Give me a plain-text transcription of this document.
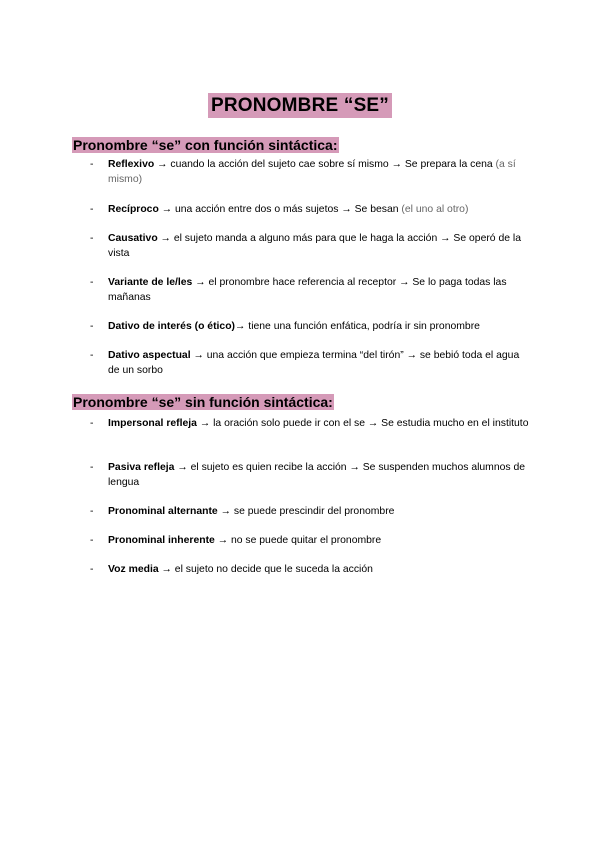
PRONOMBRE “SE”
Pronombre “se” con función sintáctica:
- Reflexivo → cuando la acción del sujeto cae sobre sí mismo → Se prepara la cena (a sí mismo)
- Recíproco → una acción entre dos o más sujetos → Se besan (el uno al otro)
- Causativo → el sujeto manda a alguno más para que le haga la acción → Se operó de la vista
- Variante de le/les → el pronombre hace referencia al receptor → Se lo paga todas las mañanas
- Dativo de interés (o ético)→ tiene una función enfática, podría ir sin pronombre
- Dativo aspectual → una acción que empieza termina “del tirón” → se bebió toda el agua de un sorbo
Pronombre “se” sin función sintáctica:
- Impersonal refleja → la oración solo puede ir con el se → Se estudia mucho en el instituto
- Pasiva refleja → el sujeto es quien recibe la acción → Se suspenden muchos alumnos de lengua
- Pronominal alternante → se puede prescindir del pronombre
- Pronominal inherente → no se puede quitar el pronombre
- Voz media → el sujeto no decide que le suceda la acción
